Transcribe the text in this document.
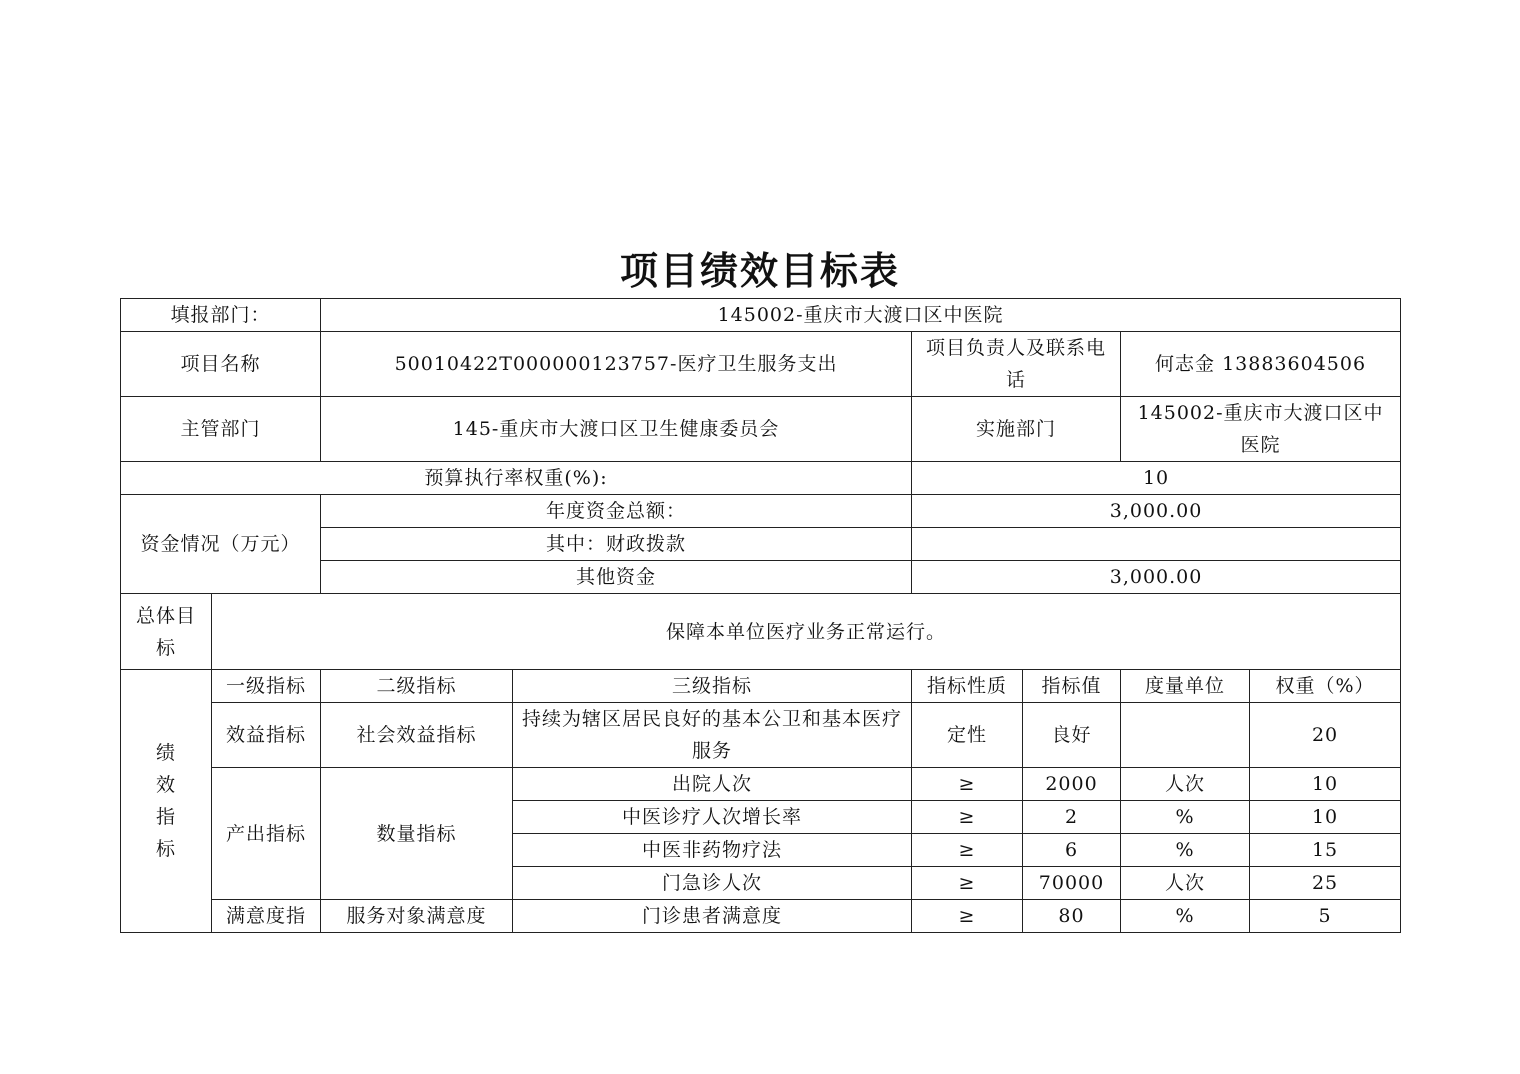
项目绩效目标表
填报部门：		145002-重庆市大渡口区中医院					
项目名称		50010422T000000123757-医疗卫生服务支出		项目负责人及联系电话		何志金 13883604506	
主管部门		145-重庆市大渡口区卫生健康委员会		实施部门		145002-重庆市大渡口区中医院	
预算执行率权重(%):				10			
资金情况（万元）		年度资金总额：		3,000.00			
		其中：财政拨款					
		其他资金		3,000.00			
总体目标	保障本单位医疗业务正常运行。						
绩效指标	一级指标	二级指标	三级指标	指标性质	指标值	度量单位	权重（%）
	效益指标	社会效益指标	持续为辖区居民良好的基本公卫和基本医疗服务	定性	良好		20
	产出指标	数量指标	出院人次	≥	2000	人次	10
			中医诊疗人次增长率	≥	2	%	10
			中医非药物疗法	≥	6	%	15
			门急诊人次	≥	70000	人次	25
	满意度指	服务对象满意度	门诊患者满意度	≥	80	%	5
